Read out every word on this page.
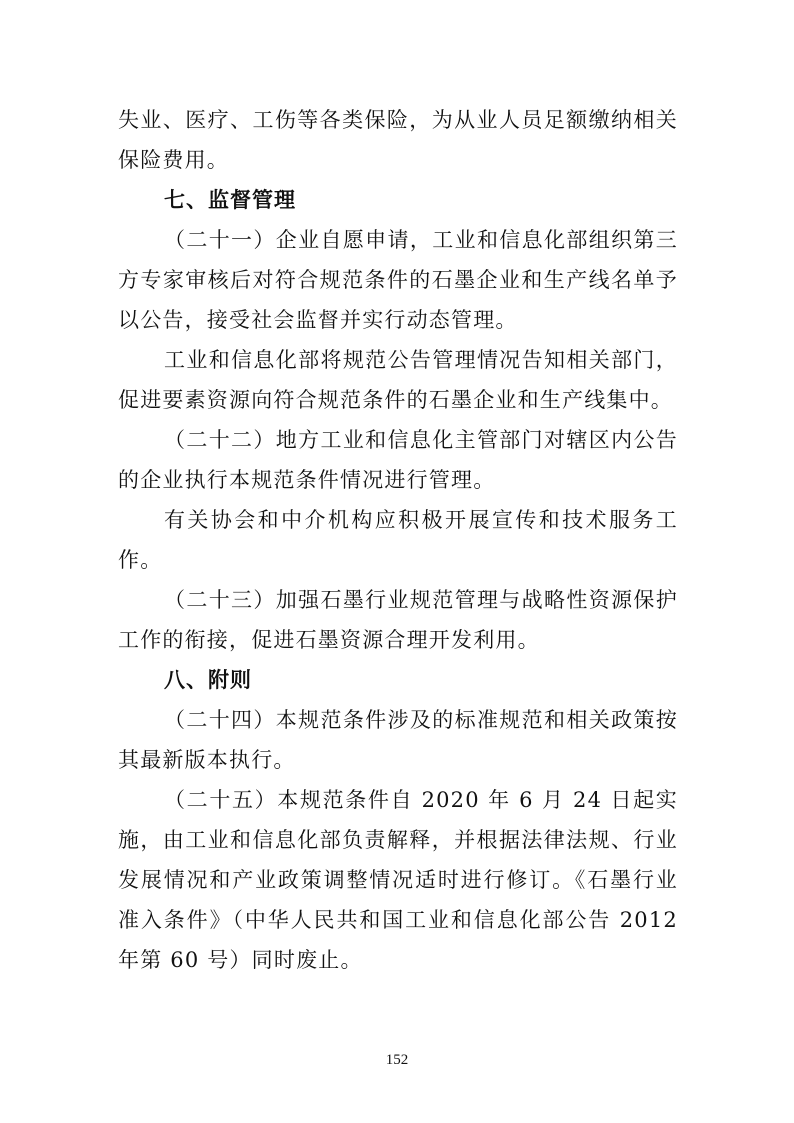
失业、医疗、工伤等各类保险，为从业人员足额缴纳相关保险费用。

七、监督管理

（二十一）企业自愿申请，工业和信息化部组织第三方专家审核后对符合规范条件的石墨企业和生产线名单予以公告，接受社会监督并实行动态管理。

工业和信息化部将规范公告管理情况告知相关部门，促进要素资源向符合规范条件的石墨企业和生产线集中。

（二十二）地方工业和信息化主管部门对辖区内公告的企业执行本规范条件情况进行管理。

有关协会和中介机构应积极开展宣传和技术服务工作。

（二十三）加强石墨行业规范管理与战略性资源保护工作的衔接，促进石墨资源合理开发利用。

八、附则

（二十四）本规范条件涉及的标准规范和相关政策按其最新版本执行。

（二十五）本规范条件自 2020 年 6 月 24 日起实施，由工业和信息化部负责解释，并根据法律法规、行业发展情况和产业政策调整情况适时进行修订。《石墨行业准入条件》（中华人民共和国工业和信息化部公告 2012 年第 60 号）同时废止。

152
